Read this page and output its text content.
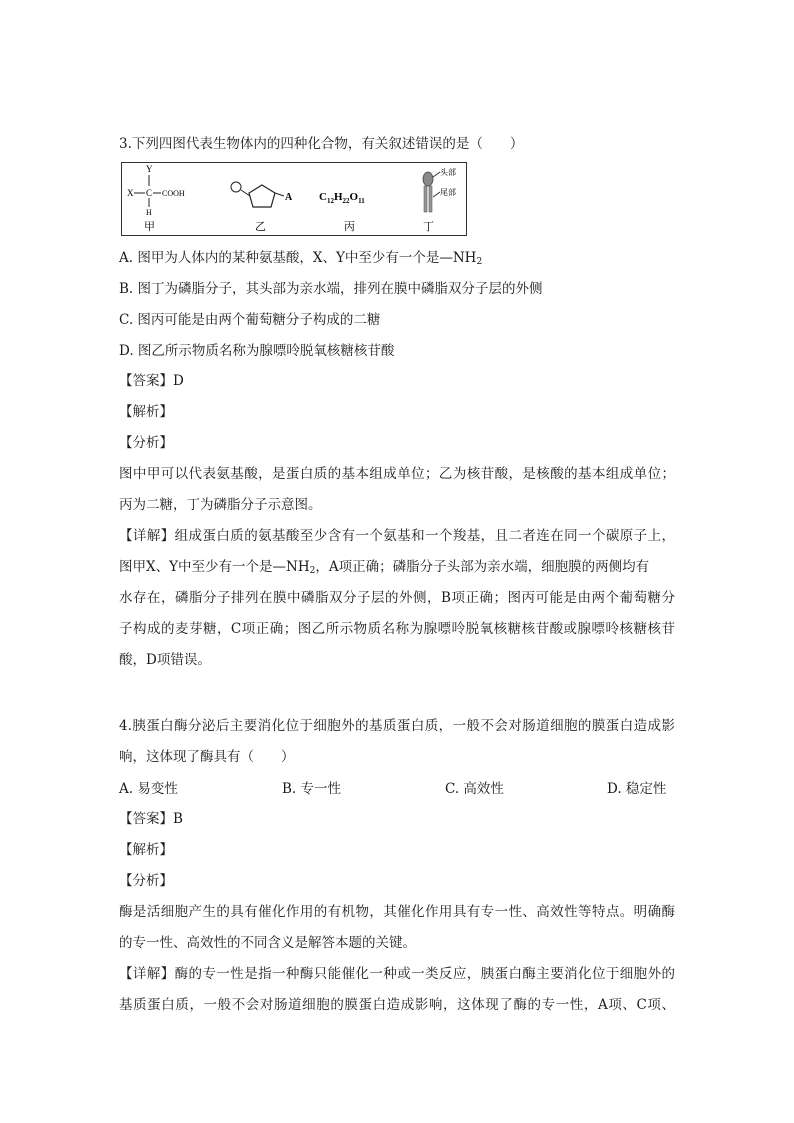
3.下列四图代表生物体内的四种化合物，有关叙述错误的是（　　）
Y
X C COOH
H
甲
A
乙
$C_{12}H_{22}O_{11}$
丙
头部
尾部
丁
A. 图甲为人体内的某种氨基酸，X、Y中至少有一个是$—NH_2$
B. 图丁为磷脂分子，其头部为亲水端，排列在膜中磷脂双分子层的外侧
C. 图丙可能是由两个葡萄糖分子构成的二糖
D. 图乙所示物质名称为腺嘌呤脱氧核糖核苷酸
【答案】D
【解析】
【分析】
图中甲可以代表氨基酸，是蛋白质的基本组成单位；乙为核苷酸，是核酸的基本组成单位；
丙为二糖，丁为磷脂分子示意图。
【详解】组成蛋白质的氨基酸至少含有一个氨基和一个羧基，且二者连在同一个碳原子上，
图甲X、Y中至少有一个是$—NH_2$，A项正确；磷脂分子头部为亲水端，细胞膜的两侧均有
水存在，磷脂分子排列在膜中磷脂双分子层的外侧，B项正确；图丙可能是由两个葡萄糖分
子构成的麦芽糖，C项正确；图乙所示物质名称为腺嘌呤脱氧核糖核苷酸或腺嘌呤核糖核苷
酸，D项错误。
4.胰蛋白酶分泌后主要消化位于细胞外的基质蛋白质，一般不会对肠道细胞的膜蛋白造成影
响，这体现了酶具有（　　）
A. 易变性	B. 专一性	C. 高效性	D. 稳定性
【答案】B
【解析】
【分析】
酶是活细胞产生的具有催化作用的有机物，其催化作用具有专一性、高效性等特点。明确酶
的专一性、高效性的不同含义是解答本题的关键。
【详解】酶的专一性是指一种酶只能催化一种或一类反应，胰蛋白酶主要消化位于细胞外的
基质蛋白质，一般不会对肠道细胞的膜蛋白造成影响，这体现了酶的专一性，A项、C项、
